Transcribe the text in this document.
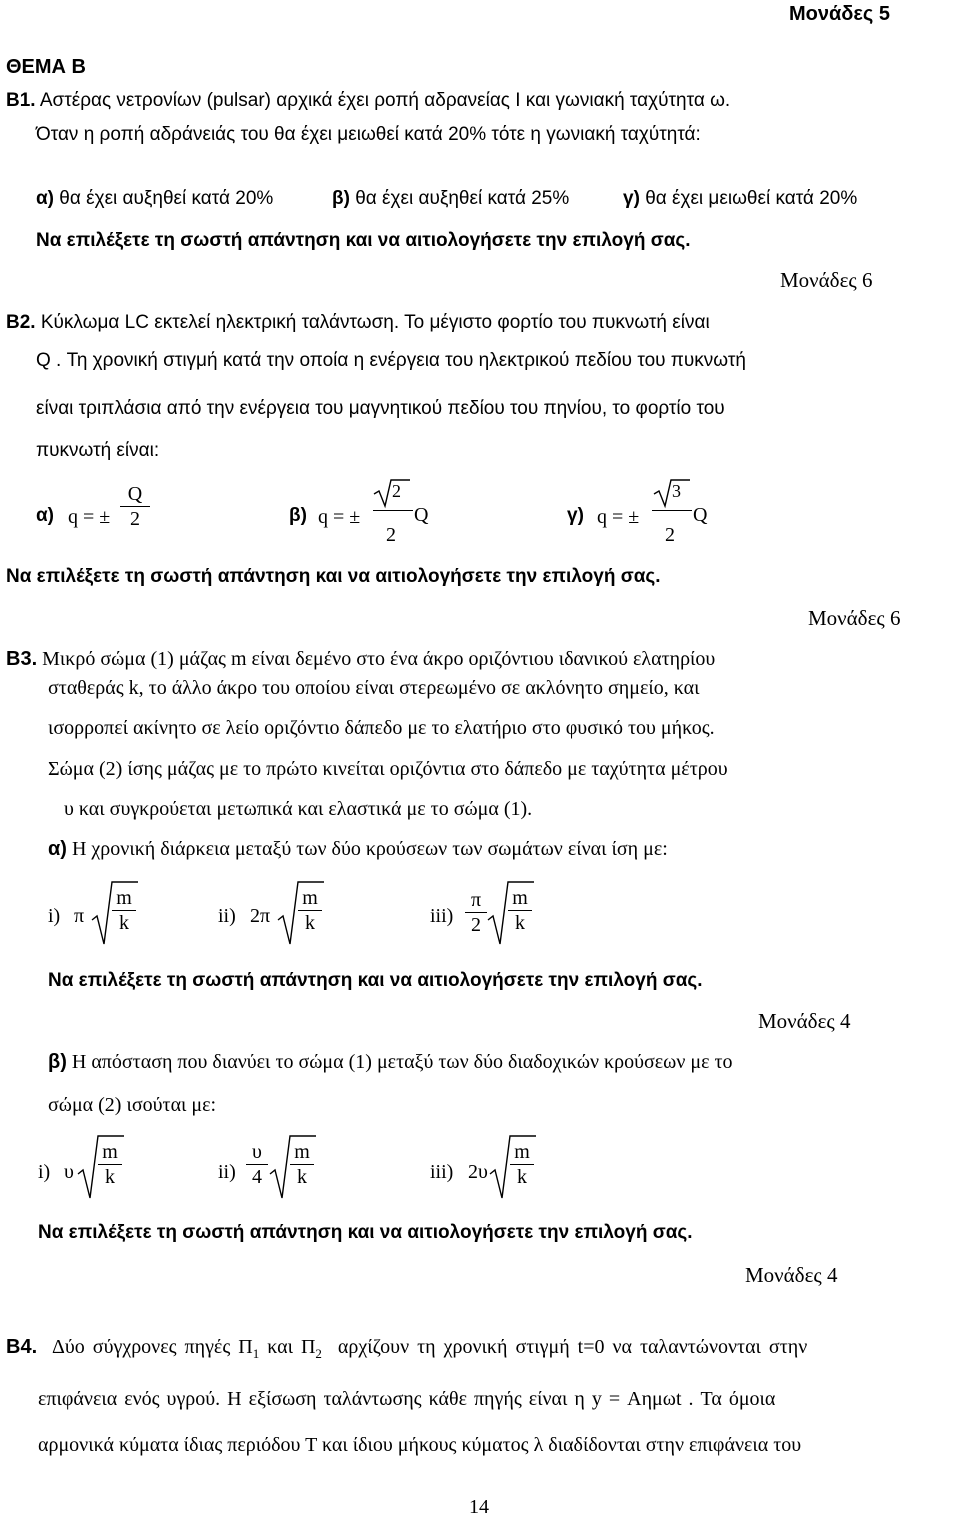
Μονάδες 5
ΘΕΜΑ Β
Β1. Αστέρας νετρονίων (pulsar) αρχικά έχει ροπή αδρανείας I και γωνιακή ταχύτητα ω.
Όταν η ροπή αδράνειάς του θα έχει μειωθεί κατά 20% τότε η γωνιακή ταχύτητά:
α) θα έχει αυξηθεί κατά 20%	β) θα έχει αυξηθεί κατά 25%	γ) θα έχει μειωθεί κατά 20%
Να επιλέξετε τη σωστή απάντηση και να αιτιολογήσετε την επιλογή σας.
Μονάδες 6
Β2. Κύκλωμα LC εκτελεί ηλεκτρική ταλάντωση. Το μέγιστο φορτίο του πυκνωτή είναι
Q . Τη χρονική στιγμή κατά την οποία η ενέργεια του ηλεκτρικού πεδίου του πυκνωτή
είναι τριπλάσια από την ενέργεια του μαγνητικού πεδίου του πηνίου, το φορτίο του
πυκνωτή είναι:
α) q = ±
Q
2	β) q = ±
2
2
Q	γ) q = ±
3
2
Q
Να επιλέξετε τη σωστή απάντηση και να αιτιολογήσετε την επιλογή σας.
Μονάδες 6
Β3. Μικρό σώμα (1) μάζας m είναι δεμένο στο ένα άκρο οριζόντιου ιδανικού ελατηρίου
σταθεράς k, το άλλο άκρο του οποίου είναι στερεωμένο σε ακλόνητο σημείο, και
ισορροπεί ακίνητο σε λείο οριζόντιο δάπεδο με το ελατήριο στο φυσικό του μήκος.
Σώμα (2) ίσης μάζας με το πρώτο κινείται οριζόντια στο δάπεδο με ταχύτητα μέτρου
υ και συγκρούεται μετωπικά και ελαστικά με το σώμα (1).
α) Η χρονική διάρκεια μεταξύ των δύο κρούσεων των σωμάτων είναι ίση με:
i) π
m
k	ii) 2π
m
k	iii)
π
2
m
k
Να επιλέξετε τη σωστή απάντηση και να αιτιολογήσετε την επιλογή σας.
Μονάδες 4
β) Η απόσταση που διανύει το σώμα (1) μεταξύ των δύο διαδοχικών κρούσεων με το
σώμα (2) ισούται με:
i) υ
m
k	ii)
υ
4
m
k	iii) 2υ
m
k
Να επιλέξετε τη σωστή απάντηση και να αιτιολογήσετε την επιλογή σας.
Μονάδες 4
Β4. Δύο σύγχρονες πηγές $\Pi_1$ και $\Pi_2$ αρχίζουν τη χρονική στιγμή t=0 να ταλαντώνονται στην
επιφάνεια ενός υγρού. Η εξίσωση ταλάντωσης κάθε πηγής είναι η y = Αημωt . Τα όμοια
αρμονικά κύματα ίδιας περιόδου Τ και ίδιου μήκους κύματος λ διαδίδονται στην επιφάνεια του
14
